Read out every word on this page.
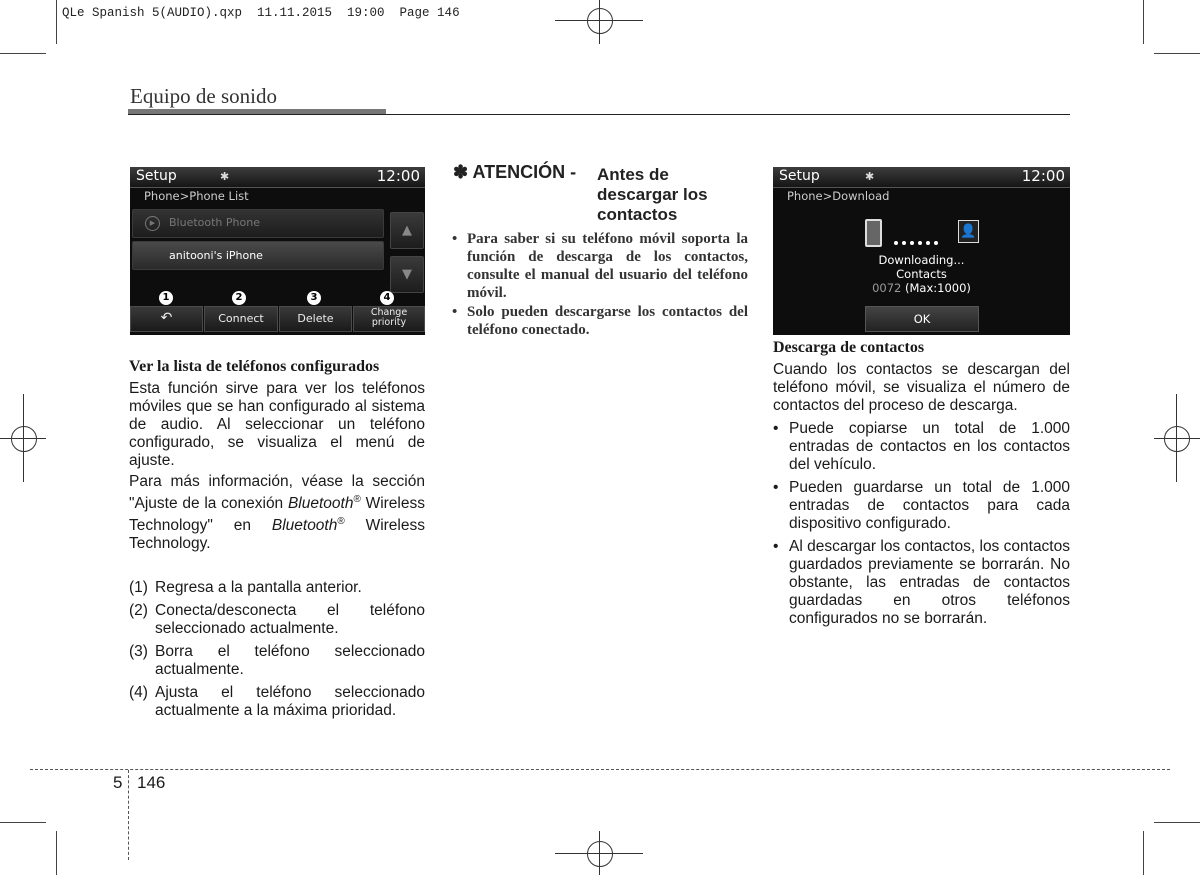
QLe Spanish 5(AUDIO).qxp  11.11.2015  19:00  Page 146
Equipo de sonido
Setup	✱	12:00
Phone>Phone List
▶	Bluetooth Phone
anitooni's iPhone
▲
▼
1	2	3	4
↶	Connect	Delete	Change priority
Ver la lista de teléfonos configurados

Esta función sirve para ver los teléfonos móviles que se han configurado al sistema de audio. Al seleccionar un teléfono configurado, se visualiza el menú de ajuste.

Para más información, véase la sección "Ajuste de la conexión Bluetooth® Wireless Technology" en Bluetooth® Wireless Technology.

(1) Regresa a la pantalla anterior.
(2) Conecta/desconecta el teléfono seleccionado actualmente.
(3) Borra el teléfono seleccionado actualmente.
(4) Ajusta el teléfono seleccionado actualmente a la máxima prioridad.
✽ ATENCIÓN - Antes de descargar los contactos
• Para saber si su teléfono móvil soporta la función de descarga de los contactos, consulte el manual del usuario del teléfono móvil.
• Solo pueden descargarse los contactos del teléfono conectado.
Setup	✱	12:00
Phone>Download
👤
Downloading...
Contacts
0072 (Max:1000)
OK
Descarga de contactos

Cuando los contactos se descargan del teléfono móvil, se visualiza el número de contactos del proceso de descarga.

• Puede copiarse un total de 1.000 entradas de contactos en los contactos del vehículo.
• Pueden guardarse un total de 1.000 entradas de contactos para cada dispositivo configurado.
• Al descargar los contactos, los contactos guardados previamente se borrarán. No obstante, las entradas de contactos guardadas en otros teléfonos configurados no se borrarán.
5 146
